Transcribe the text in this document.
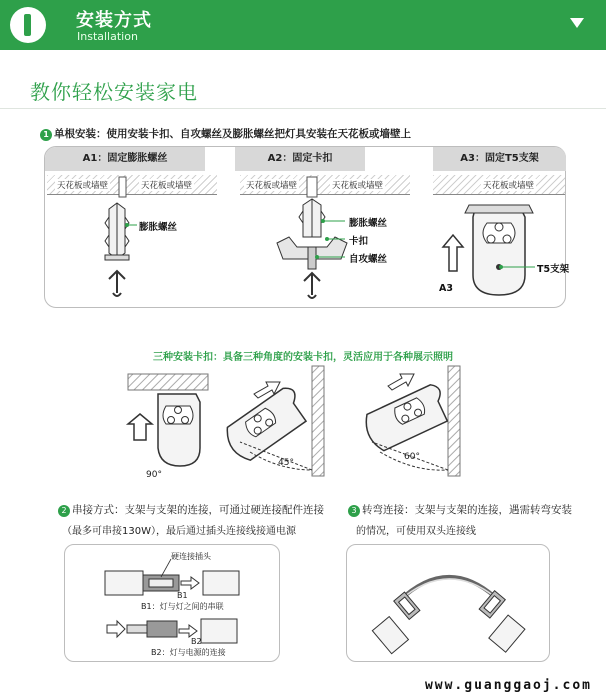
安装方式
Installation
教你轻松安装家电
1 单根安装：使用安装卡扣、自攻螺丝及膨胀螺丝把灯具安装在天花板或墙壁上
A1：固定膨胀螺丝	A2：固定卡扣	A3：固定T5支架
天花板或墙壁	天花板或墙壁	天花板或墙壁	天花板或墙壁	天花板或墙壁
膨胀螺丝	膨胀螺丝
卡扣
自攻螺丝
T5支架
A3
三种安装卡扣：具备三种角度的安装卡扣，灵活应用于各种展示照明
90°
45°
60°
2 串接方式：支架与支架的连接，可通过硬连接配件连接
（最多可串接130W），最后通过插头连接线接通电源
3 转弯连接：支架与支架的连接，遇需转弯安装
的情况，可使用双头连接线
硬连接插头
B1
B1：灯与灯之间的串联
B2
B2：灯与电源的连接
www.guanggaoj.com
